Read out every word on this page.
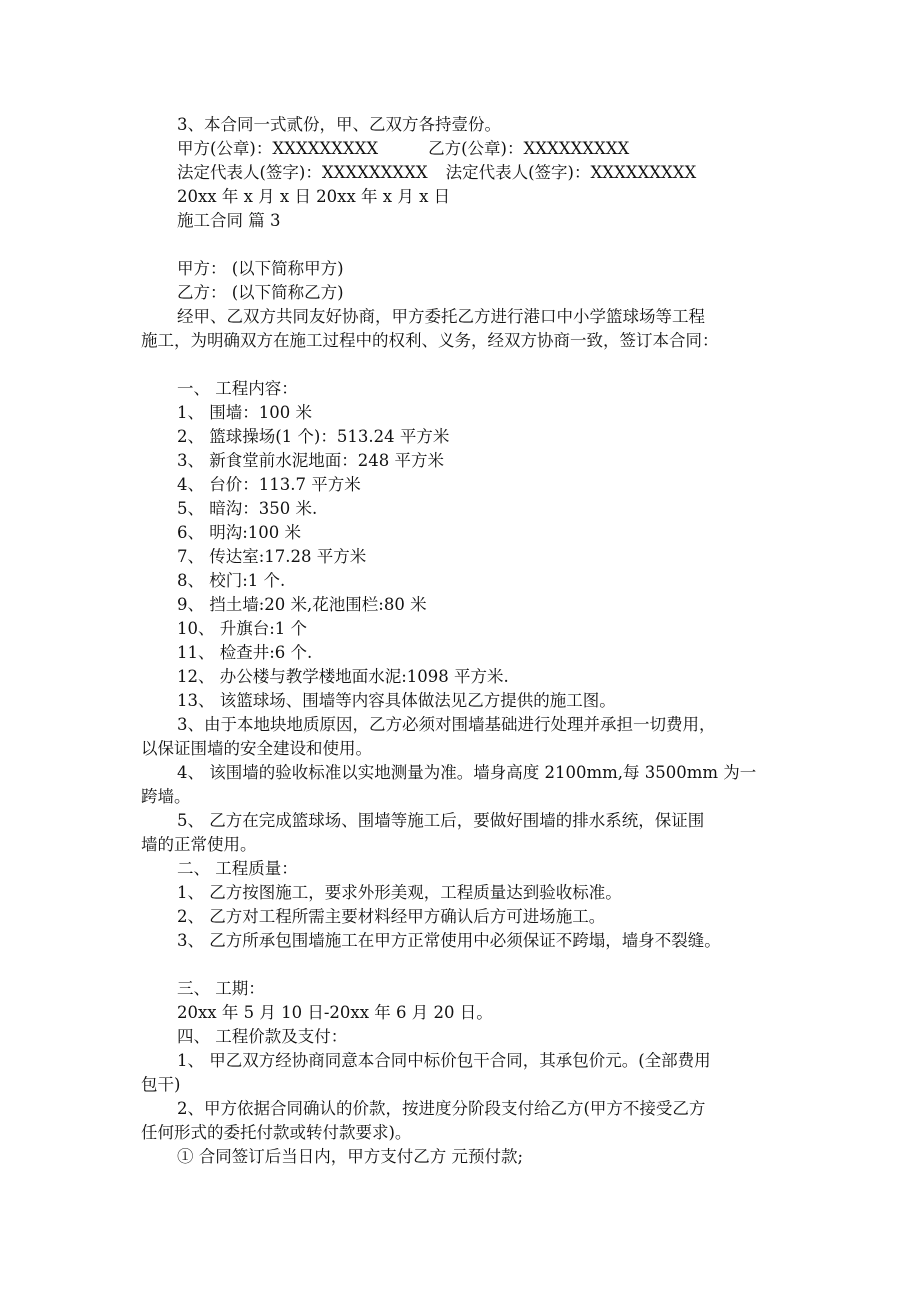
3、本合同一式贰份，甲、乙双方各持壹份。

甲方(公章)：XXXXXXXXX	乙方(公章)：XXXXXXXXX

法定代表人(签字)：XXXXXXXXX 法定代表人(签字)：XXXXXXXXX

20xx 年 x 月 x 日 20xx 年 x 月 x 日

施工合同 篇 3

甲方： (以下简称甲方)

乙方： (以下简称乙方)

经甲、乙双方共同友好协商，甲方委托乙方进行港口中小学篮球场等工程

施工，为明确双方在施工过程中的权利、义务，经双方协商一致，签订本合同：

一、 工程内容：

1、 围墙：100 米

2、 篮球操场(1 个)：513.24 平方米

3、 新食堂前水泥地面：248 平方米

4、 台价：113.7 平方米

5、 暗沟：350 米.

6、 明沟:100 米

7、 传达室:17.28 平方米

8、 校门:1 个.

9、 挡土墙:20 米,花池围栏:80 米

10、 升旗台:1 个

11、 检查井:6 个.

12、 办公楼与教学楼地面水泥:1098 平方米.

13、 该篮球场、围墙等内容具体做法见乙方提供的施工图。

3、由于本地块地质原因，乙方必须对围墙基础进行处理并承担一切费用，

以保证围墙的安全建设和使用。

4、 该围墙的验收标准以实地测量为准。墙身高度 2100mm,每 3500mm 为一

跨墙。

5、 乙方在完成篮球场、围墙等施工后，要做好围墙的排水系统，保证围

墙的正常使用。

二、 工程质量：

1、 乙方按图施工，要求外形美观，工程质量达到验收标准。

2、 乙方对工程所需主要材料经甲方确认后方可进场施工。

3、 乙方所承包围墙施工在甲方正常使用中必须保证不跨塌，墙身不裂缝。

三、 工期：

20xx 年 5 月 10 日-20xx 年 6 月 20 日。

四、 工程价款及支付：

1、 甲乙双方经协商同意本合同中标价包干合同，其承包价元。(全部费用

包干)

2、甲方依据合同确认的价款，按进度分阶段支付给乙方(甲方不接受乙方

任何形式的委托付款或转付款要求)。

① 合同签订后当日内，甲方支付乙方 元预付款;
